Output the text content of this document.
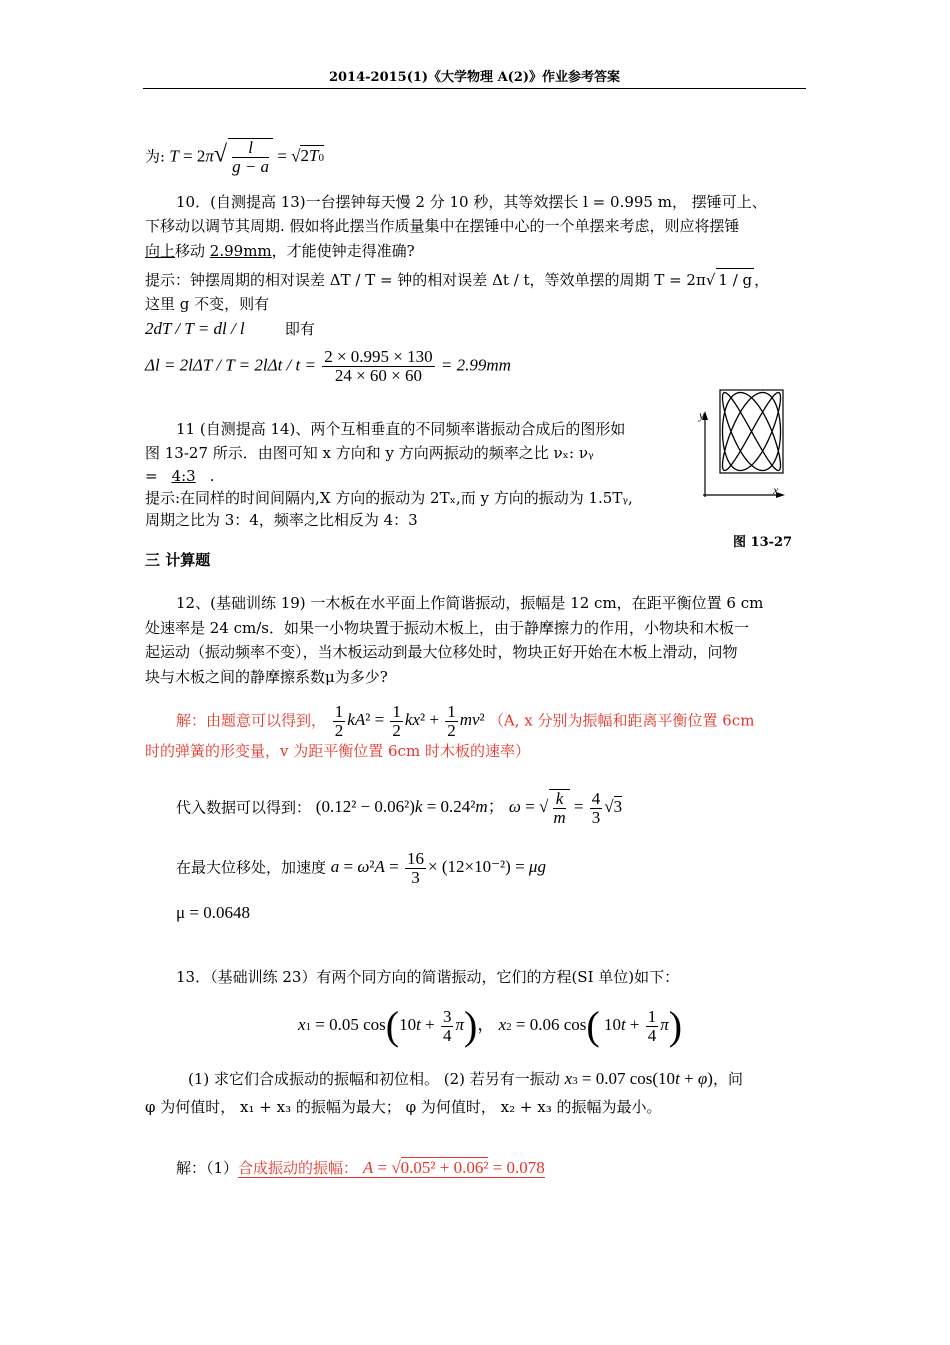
2014-2015(1)《大学物理 A(2)》作业参考答案
为: $T = 2\pi√ \frac{l}{g - a} = √2T0$
10．(自测提高 13)一台摆钟每天慢 2 分 10 秒，其等效摆长 l = 0.995 m， 摆锤可上、
下移动以调节其周期. 假如将此摆当作质量集中在摆锤中心的一个单摆来考虑，则应将摆锤
向上移动 2.99mm，才能使钟走得准确?
提示：钟摆周期的相对误差 ΔT / T = 钟的相对误差 Δt / t，等效单摆的周期 T = 2π√ 1 / g ，
这里 g 不变，则有
2dT / T = dl / l	即有
$\Delta l = 2l\Delta T / T = 2l\Delta t / t = \frac{2 \times 0.995 \times 130}{24 \times 60 \times 60} = 2.99mm$
11 (自测提高 14)、两个互相垂直的不同频率谐振动合成后的图形如
图 13-27 所示．由图可知 x 方向和 y 方向两振动的频率之比 νₓ: νᵧ
= 4:3 .
提示:在同样的时间间隔内,X 方向的振动为 2Tₓ,而 y 方向的振动为 1.5Tᵧ,
周期之比为 3：4，频率之比相反为 4：3
y
x
图 13-27
三 计算题
12、(基础训练 19) 一木板在水平面上作简谐振动，振幅是 12 cm，在距平衡位置 6 cm
处速率是 24 cm/s．如果一小物块置于振动木板上，由于静摩擦力的作用，小物块和木板一
起运动（振动频率不变），当木板运动到最大位移处时，物块正好开始在木板上滑动，问物
块与木板之间的静摩擦系数μ为多少?
解：由题意可以得到， $\frac{1}{2} kA^2 = \frac{1}{2} kx^2 + \frac{1}{2} mv^2$ （A, x 分别为振幅和距离平衡位置 6cm
时的弹簧的形变量，v 为距平衡位置 6cm 时木板的速率）
代入数据可以得到： (0.12² − 0.06²)k = 0.24²m； ω = √ $\frac{k}{m} = \frac{4}{3} √3$
在最大位移处，加速度 $a = \omega^2A = \frac{16}{3} \times (12\times 10^{-2}) = \mu g$
μ = 0.0648
13．（基础训练 23）有两个同方向的简谐振动，它们的方程(SI 单位)如下：
x1 = 0.05 $\cos(10t + \frac{3}{4} \pi)$， x2 = 0.06 cos( $10t + \frac{1}{4} \pi$)
(1) 求它们合成振动的振幅和初位相。 (2) 若另有一振动 x3 = 0.07 cos(10t + φ)，问
φ 为何值时， x₁ + x₃ 的振幅为最大； φ 为何值时， x₂ + x₃ 的振幅为最小。
解：（1）合成振动的振幅： A = √0.05² + 0.06² = 0.078
